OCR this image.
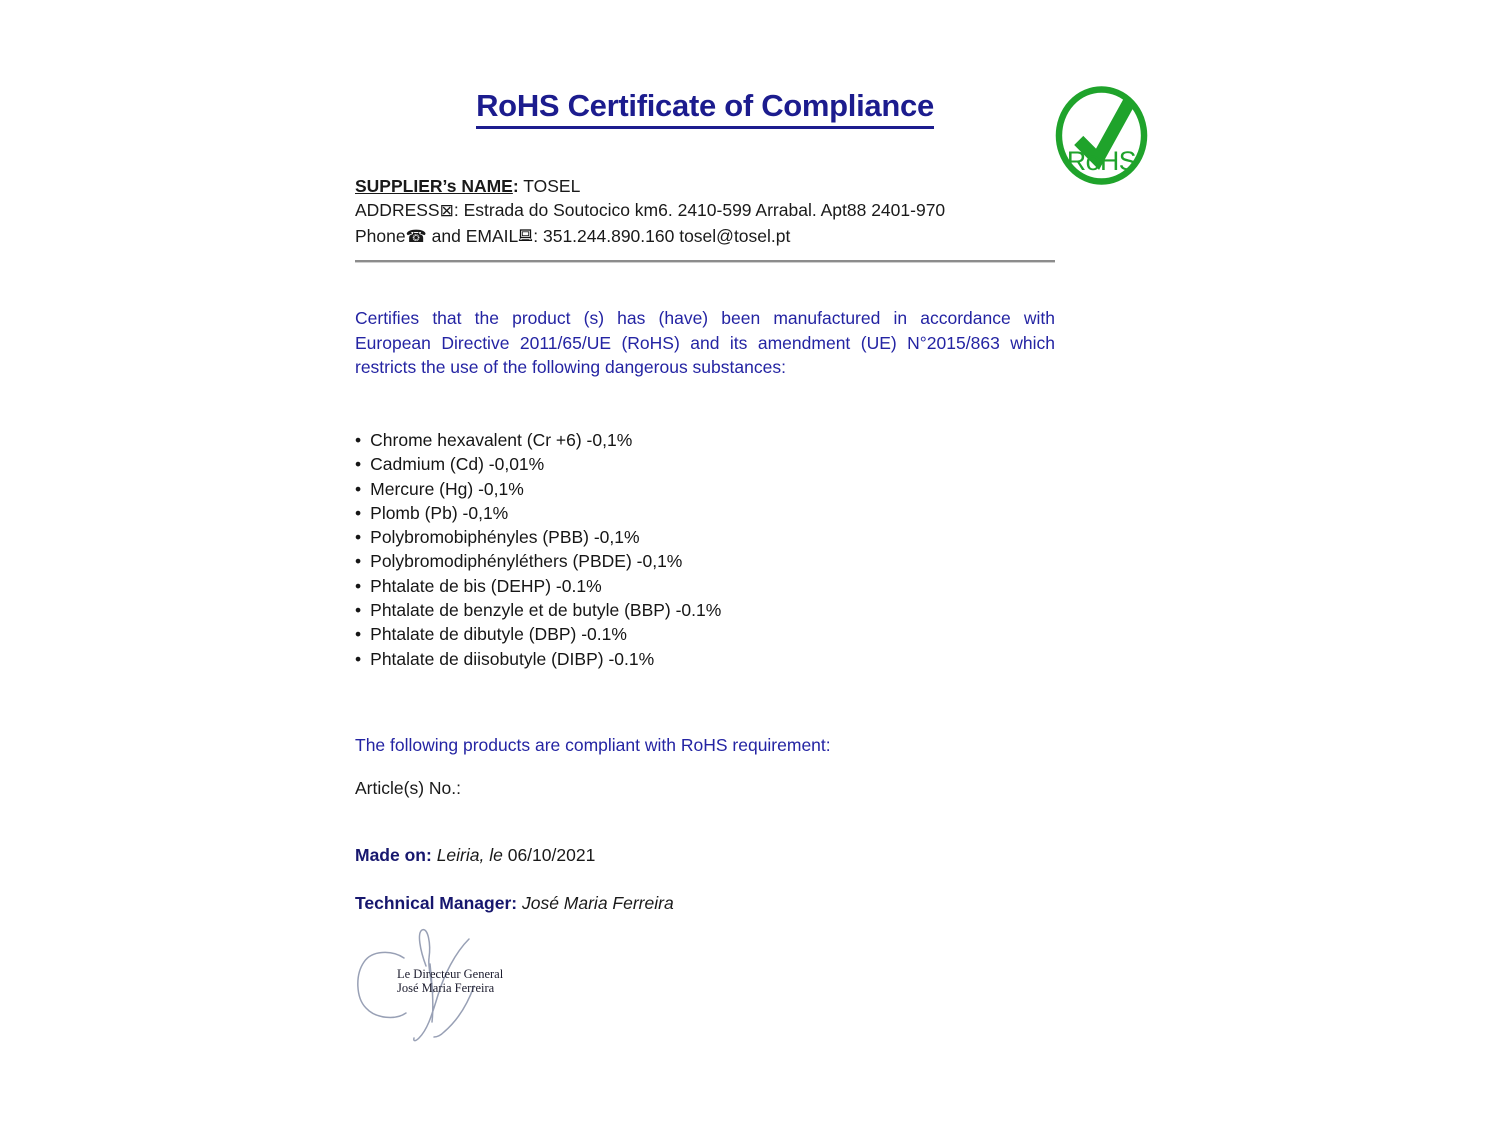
RoHS Certificate of Compliance
RoHS
SUPPLIER’s NAME: TOSEL
ADDRESS⊠: Estrada do Soutocico km6. 2410-599 Arrabal. Apt88 2401-970
Phone☎ and EMAIL : 351.244.890.160 tosel@tosel.pt
Certifies that the product (s) has (have) been manufactured in accordance with
European Directive 2011/65/UE (RoHS) and its amendment (UE) N°2015/863 which
restricts the use of the following dangerous substances:
• Chrome hexavalent (Cr +6) -0,1%
• Cadmium (Cd) -0,01%
• Mercure (Hg) -0,1%
• Plomb (Pb) -0,1%
• Polybromobiphényles (PBB) -0,1%
• Polybromodiphényléthers (PBDE) -0,1%
• Phtalate de bis (DEHP) -0.1%
• Phtalate de benzyle et de butyle (BBP) -0.1%
• Phtalate de dibutyle (DBP) -0.1%
• Phtalate de diisobutyle (DIBP) -0.1%
The following products are compliant with RoHS requirement:
Article(s) No.:
Made on: Leiria, le 06/10/2021
Technical Manager: José Maria Ferreira
Le Directeur General
José Maria Ferreira
